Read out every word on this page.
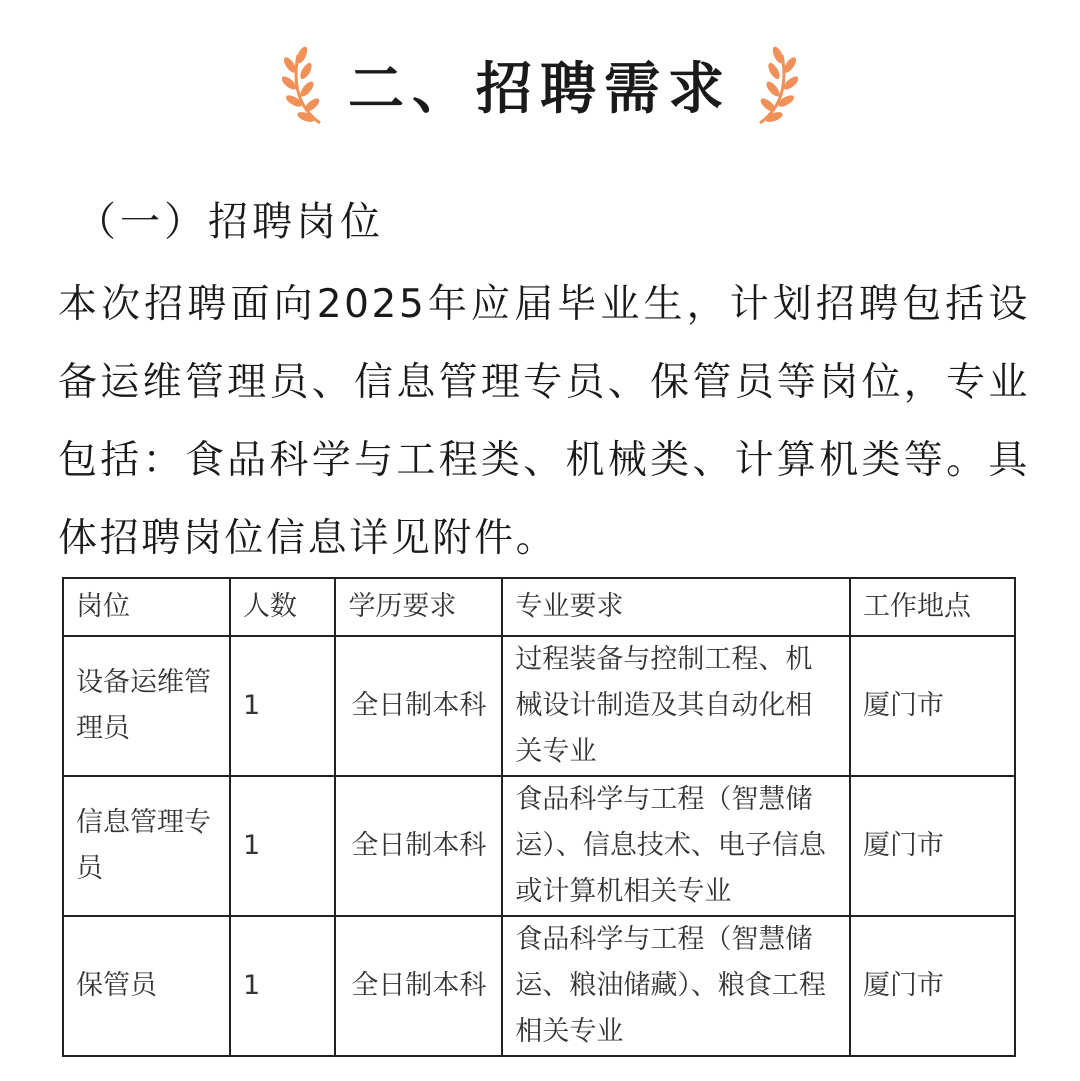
二、招聘需求
（一）招聘岗位

本次招聘面向2025年应届毕业生，计划招聘包括设备运维管理员、信息管理专员、保管员等岗位，专业包括：食品科学与工程类、机械类、计算机类等。具体招聘岗位信息详见附件。

岗位	人数	学历要求	专业要求	工作地点
设备运维管理员	1	全日制本科	过程装备与控制工程、机械设计制造及其自动化相关专业	厦门市
信息管理专员	1	全日制本科	食品科学与工程（智慧储运）、信息技术、电子信息或计算机相关专业	厦门市
保管员	1	全日制本科	食品科学与工程（智慧储运、粮油储藏）、粮食工程相关专业	厦门市
